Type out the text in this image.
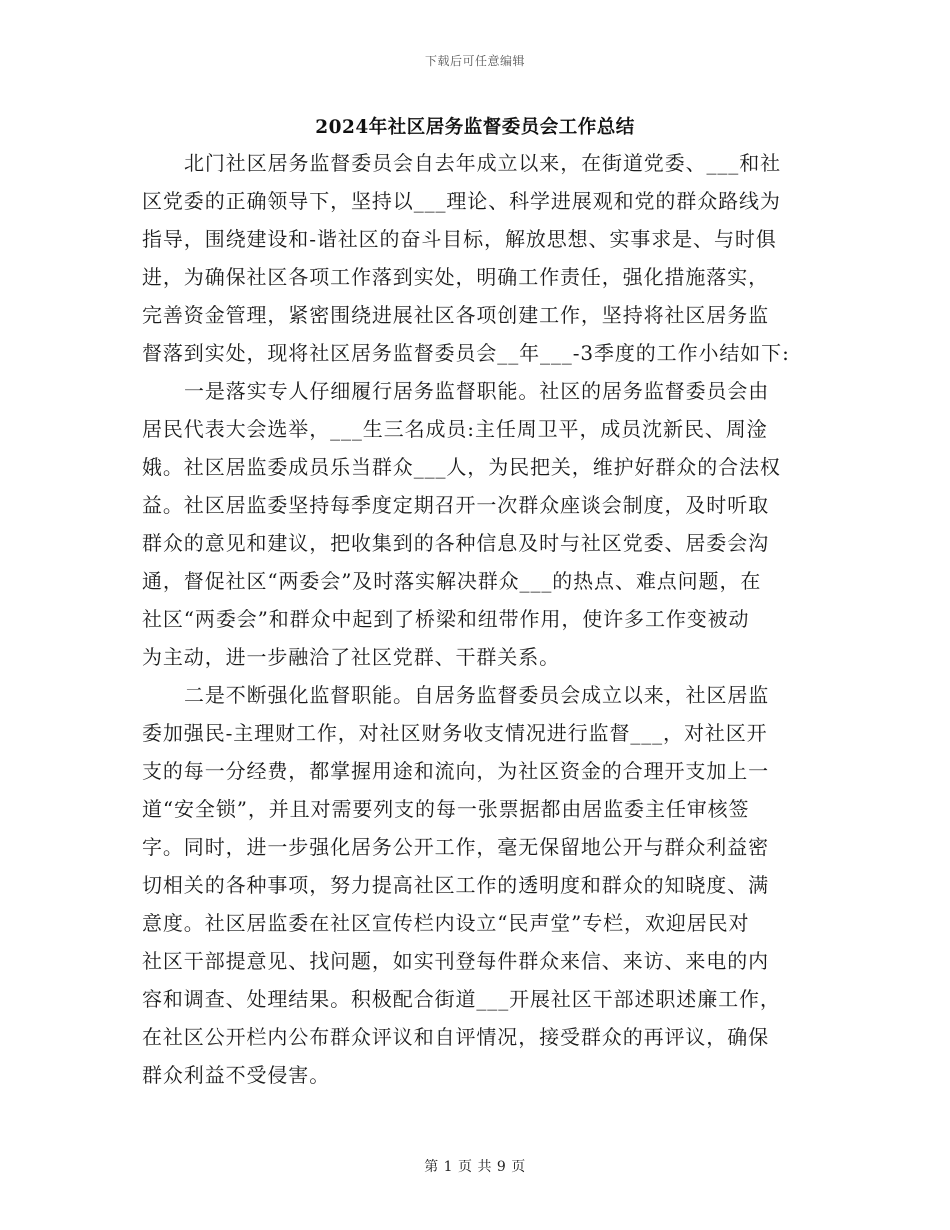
下载后可任意编辑
2024年社区居务监督委员会工作总结
北门社区居务监督委员会自去年成立以来，在街道党委、___和社
区党委的正确领导下，坚持以___理论、科学进展观和党的群众路线为
指导，围绕建设和-谐社区的奋斗目标，解放思想、实事求是、与时俱
进，为确保社区各项工作落到实处，明确工作责任，强化措施落实，
完善资金管理，紧密围绕进展社区各项创建工作，坚持将社区居务监
督落到实处，现将社区居务监督委员会__年___-3季度的工作小结如下:
一是落实专人仔细履行居务监督职能。社区的居务监督委员会由
居民代表大会选举，___生三名成员:主任周卫平，成员沈新民、周淦
娥。社区居监委成员乐当群众___人，为民把关，维护好群众的合法权
益。社区居监委坚持每季度定期召开一次群众座谈会制度，及时听取
群众的意见和建议，把收集到的各种信息及时与社区党委、居委会沟
通，督促社区“两委会”及时落实解决群众___的热点、难点问题，在
社区“两委会”和群众中起到了桥梁和纽带作用，使许多工作变被动
为主动，进一步融洽了社区党群、干群关系。
二是不断强化监督职能。自居务监督委员会成立以来，社区居监
委加强民-主理财工作，对社区财务收支情况进行监督___，对社区开
支的每一分经费，都掌握用途和流向，为社区资金的合理开支加上一
道“安全锁”，并且对需要列支的每一张票据都由居监委主任审核签
字。同时，进一步强化居务公开工作，毫无保留地公开与群众利益密
切相关的各种事项，努力提高社区工作的透明度和群众的知晓度、满
意度。社区居监委在社区宣传栏内设立“民声堂”专栏，欢迎居民对
社区干部提意见、找问题，如实刊登每件群众来信、来访、来电的内
容和调查、处理结果。积极配合街道___开展社区干部述职述廉工作，
在社区公开栏内公布群众评议和自评情况，接受群众的再评议，确保
群众利益不受侵害。
第 1 页 共 9 页
